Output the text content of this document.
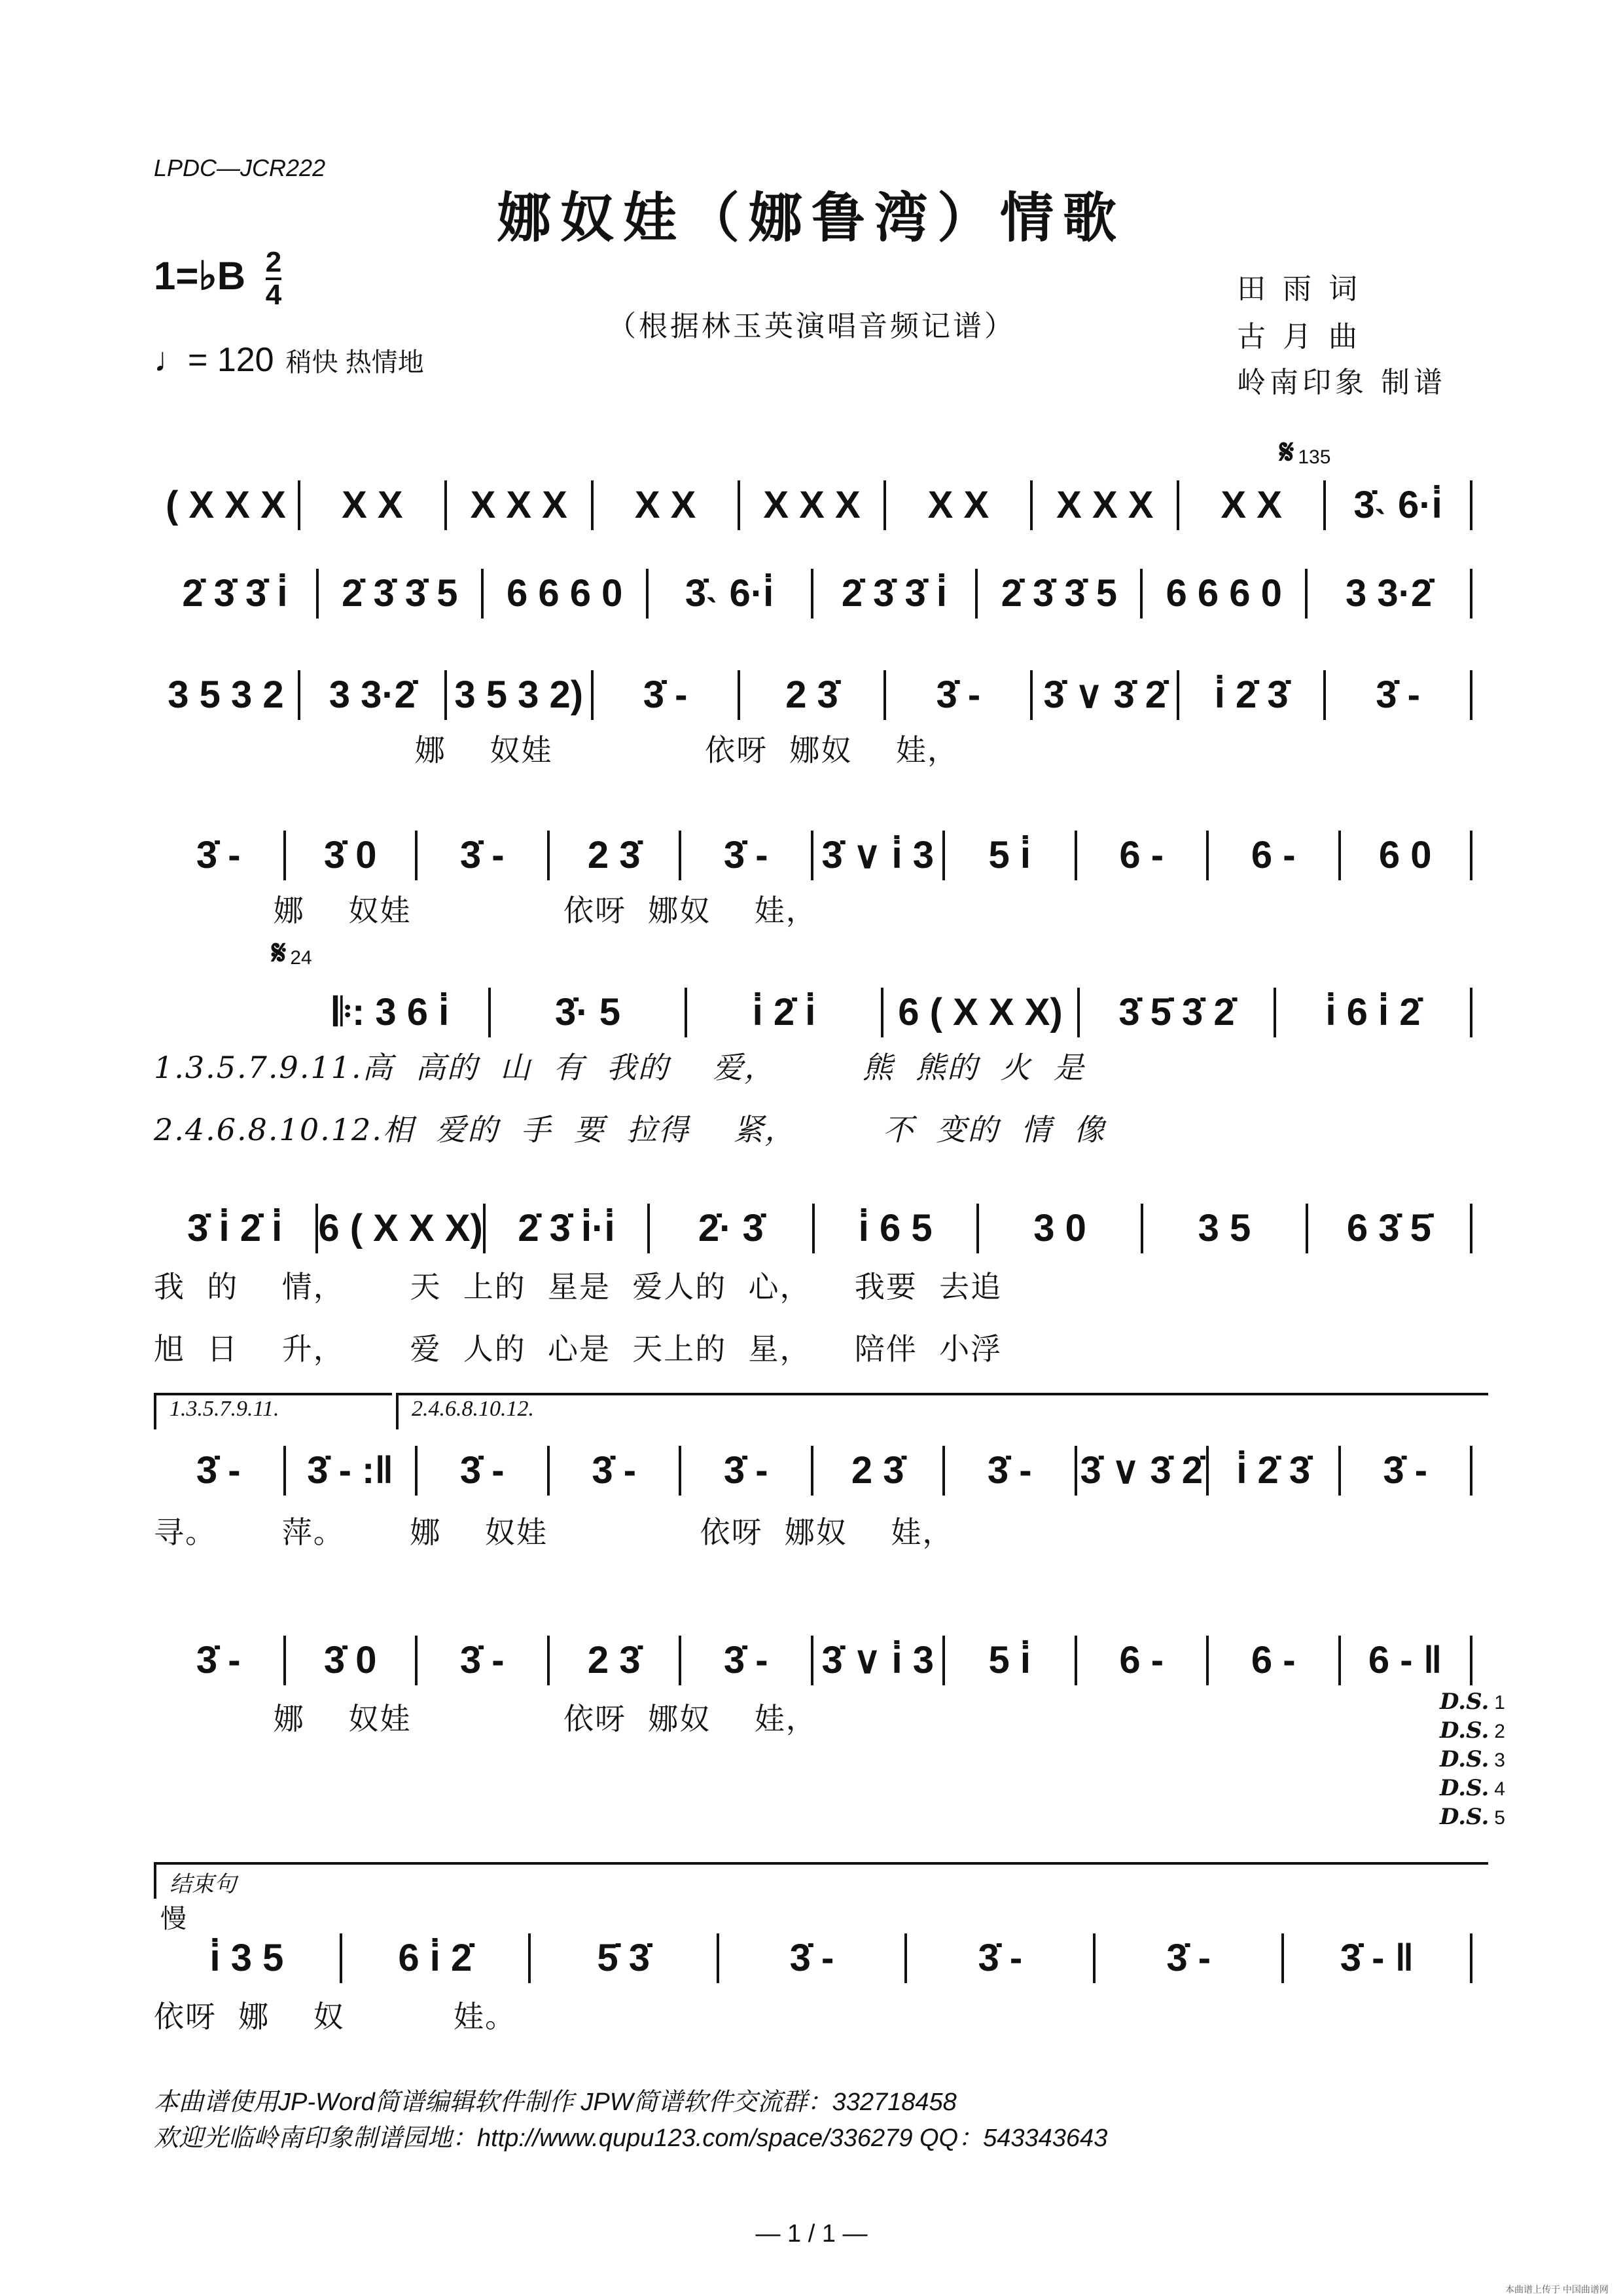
LPDC—JCR222
娜奴娃（娜鲁湾）情歌
1=♭B $\frac{2}{4}$
（根据林玉英演唱音频记谱）
♩= 120 稍快 热情地
田 雨 词
古 月 曲
岭南印象 制谱
𝄋 135
( X X X	X X	X X X	X X	X X X	X X	X X X	X X	3̇˴ 6·i̇
2̇ 3̇ 3̇ i̇	2̇ 3̇ 3̇ 5	6 6 6 0	3̇˴ 6·i̇	2̇ 3̇ 3̇ i̇	2̇ 3̇ 3̇ 5	6 6 6 0	3 3·2̇
3 5 3 2	3 3·2̇	3 5 3 2)	3̇ -	2 3̇	3̇ -	3̇ ∨ 3̇ 2̇	i̇ 2̇ 3̇	3̇ -
娜    奴娃              依呀  娜奴    娃，
3̇ -	3̇ 0	3̇ -	2 3̇	3̇ -	3̇ ∨ i̇ 3	5 i̇	6 -	6 -	6 0
娜    奴娃              依呀  娜奴    娃，
𝄋 24
𝄆: 3 6 i̇	3̇· 5	i̇ 2̇ i̇	6 ( X X X)	3̇ 5̇ 3̇ 2̇	i̇ 6 i̇ 2̇
1.3.5.7.9.11.高  高的  山  有  我的    爱，        熊  熊的  火  是
2.4.6.8.10.12.相  爱的  手  要  拉得    紧，        不  变的  情  像
3̇ i̇ 2̇ i̇ 6 ( X X X) 2̇ 3̇ i̇·i̇	2̇· 3̇	i̇ 6 5	3 0	3 5	6 3̇ 5̇
我  的    情，      天  上的  星是  爱人的  心，    我要  去追
旭  日    升，      爱  人的  心是  天上的  星，    陪伴  小浮
1.3.5.7.9.11.	2.4.6.8.10.12.
3̇ -	3̇ - :‖	3̇ -	3̇ -	3̇ -	2 3̇	3̇ -	3̇ ∨ 3̇ 2̇ i̇ 2̇ 3̇	3̇ -
寻。      萍。      娜    奴娃              依呀  娜奴    娃，
3̇ -	3̇ 0	3̇ -	2 3̇	3̇ -	3̇ ∨ i̇ 3	5 i̇	6 -	6 -	6 - ‖
娜    奴娃              依呀  娜奴    娃，	D.S. 1
D.S. 2
D.S. 3
D.S. 4
D.S. 5
结束句
慢
i̇ 3 5	6 i̇ 2̇	5̇ 3̇	3̇ -	3̇ -	3̇ -	3̇ - ‖
依呀  娜    奴          娃。
本曲谱使用JP-Word简谱编辑软件制作 JPW简谱软件交流群：332718458
欢迎光临岭南印象制谱园地：http://www.qupu123.com/space/336279 QQ：543343643
— 1 / 1 —
本曲谱上传于 中国曲谱网
